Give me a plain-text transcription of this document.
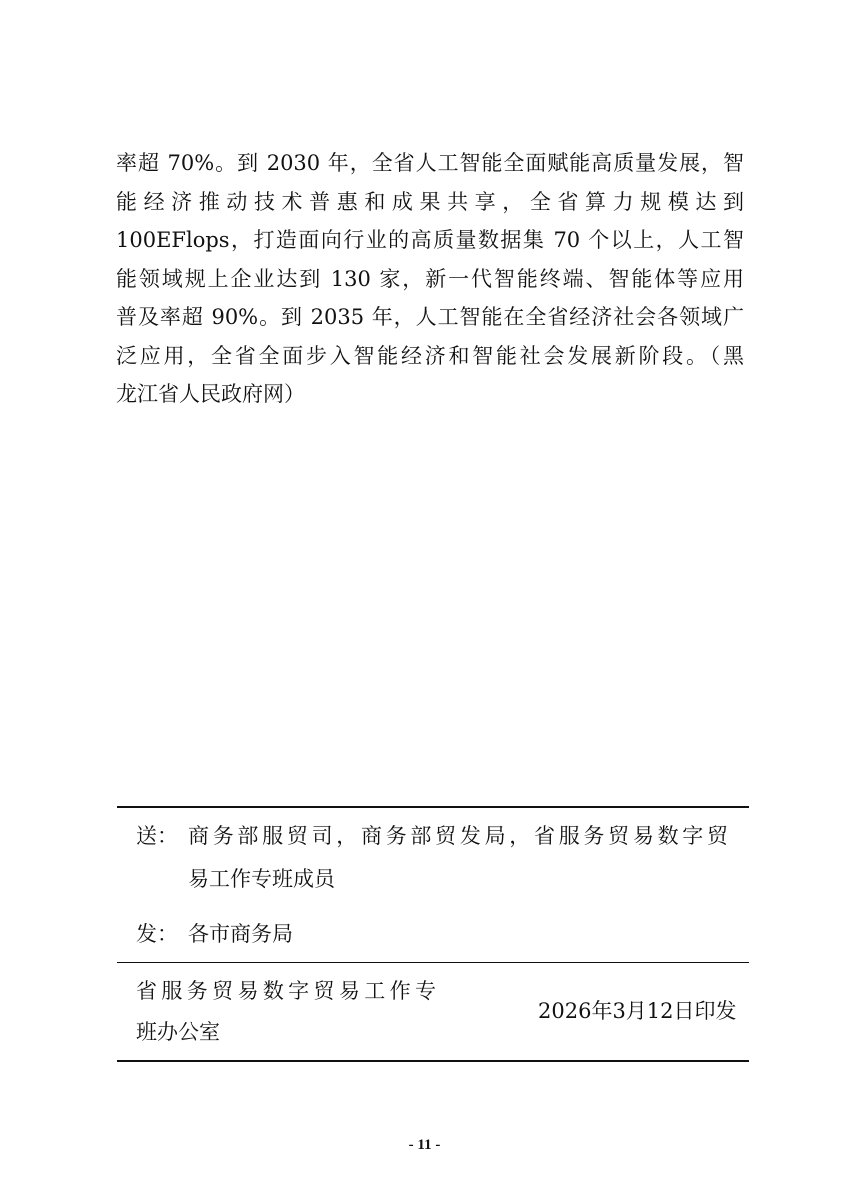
率超 70%。到 2030 年，全省人工智能全面赋能高质量发展，智
能经济推动技术普惠和成果共享，全省算力规模达到
100EFlops，打造面向行业的高质量数据集 70 个以上，人工智
能领域规上企业达到 130 家，新一代智能终端、智能体等应用
普及率超 90%。到 2035 年，人工智能在全省经济社会各领域广
泛应用，全省全面步入智能经济和智能社会发展新阶段。（黑
龙江省人民政府网）
送： 商务部服贸司，商务部贸发局，省服务贸易数字贸
易工作专班成员
发： 各市商务局
省服务贸易数字贸易工作专
班办公室
2026年3月12日印发
- 11 -
